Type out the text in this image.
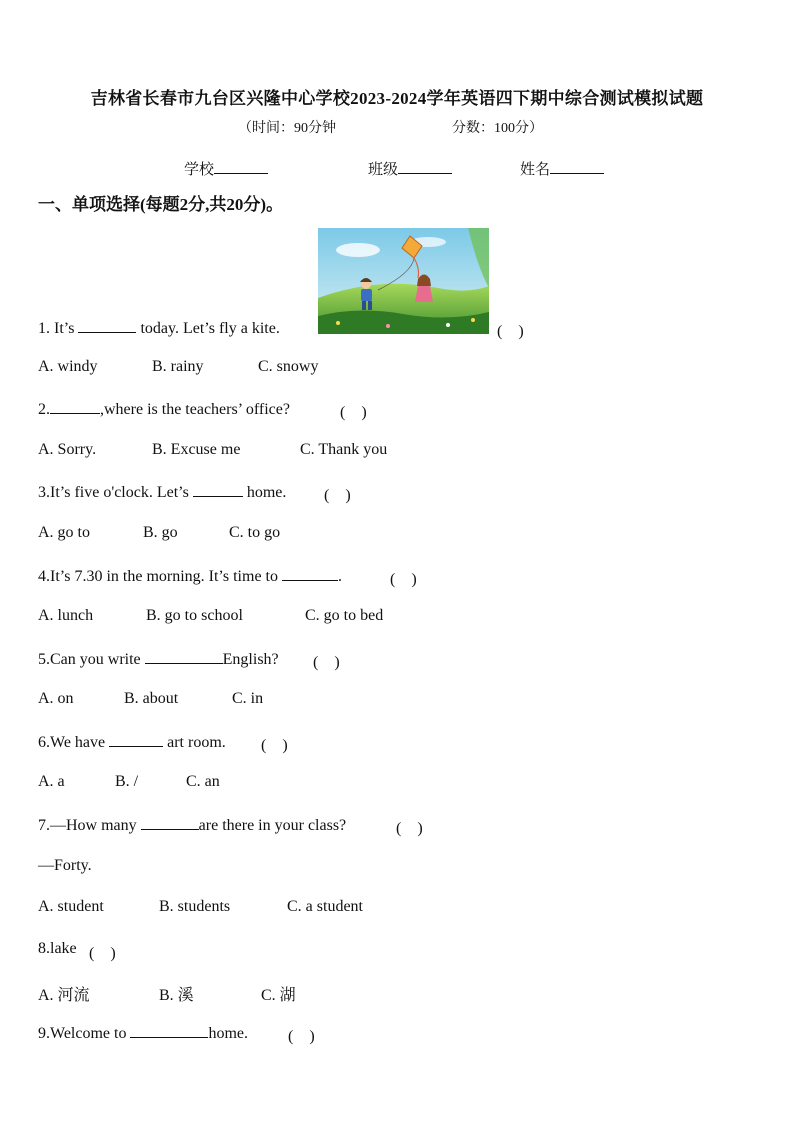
吉林省长春市九台区兴隆中心学校2023-2024学年英语四下期中综合测试模拟试题
（时间：90分钟	分数：100分）
学校	班级	姓名
一、单项选择(每题2分,共20分)。
1. It’s	today. Let’s fly a kite.	(　)
A. windy	B. rainy	C. snowy
2.	,where is the teachers’ office?	(　)
A. Sorry.	B. Excuse me	C. Thank you
3.It’s five o'clock. Let’s	home. (　)
A. go to	B. go	C. to go
4.It’s 7.30 in the morning. It’s time to	.	(　)
A. lunch	B. go to school	C. go to bed
5.Can you write	English? (　)
A. on	B. about	C. in
6.We have	art room. (　)
A. a	B. /	C. an
7.—How many	are there in your class?	(　)
—Forty.
A. student	B. students	C. a student
8.lake (　)
A. 河流	B. 溪	C. 湖
9.Welcome to	home. (　)
